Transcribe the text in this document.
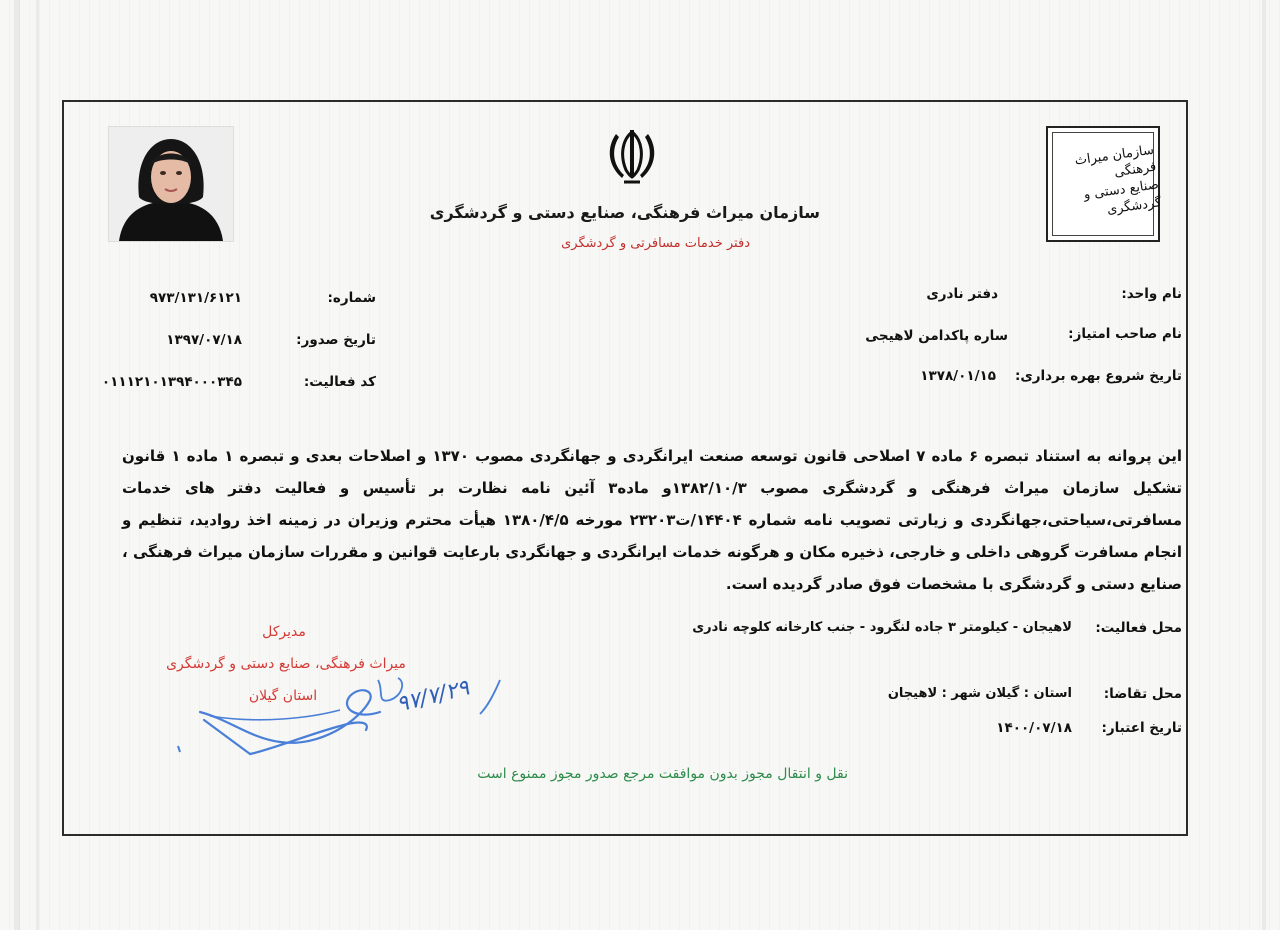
سازمان میراث فرهنگی، صنایع دستی و گردشگری
دفتر خدمات مسافرتی و گردشگری
سازمان میراث فرهنگی
صنایع دستی و گردشگری
نام واحد:
دفتر نادری
نام صاحب امتیاز:
ساره پاکدامن لاهیجی
تاریخ شروع بهره برداری:
۱۳۷۸/۰۱/۱۵
شماره:
۹۷۳/۱۳۱/۶۱۲۱
تاریخ صدور:
۱۳۹۷/۰۷/۱۸
کد فعالیت:
۰۱۱۱۲۱۰۱۳۹۴۰۰۰۳۴۵
این پروانه به استناد تبصره ۶ ماده ۷ اصلاحی قانون توسعه صنعت ایرانگردی و جهانگردی مصوب ۱۳۷۰ و اصلاحات بعدی و تبصره ۱ ماده ۱ قانون تشکیل سازمان میراث فرهنگی و گردشگری مصوب ۱۳۸۲/۱۰/۳و ماده۳ آئین نامه نظارت بر تأسیس و فعالیت دفتر های خدمات مسافرتی،سیاحتی،جهانگردی و زیارتی تصویب نامه شماره ۱۴۴۰۴/ت۲۳۲۰۳ مورخه ۱۳۸۰/۴/۵ هیأت محترم وزیران در زمینه اخذ روادید، تنظیم و انجام مسافرت گروهی داخلی و خارجی، ذخیره مکان و هرگونه خدمات ایرانگردی و جهانگردی بارعایت قوانین و مقررات سازمان میراث فرهنگی ، صنایع دستی و گردشگری با مشخصات فوق صادر گردیده است.
محل فعالیت:
لاهیجان - کیلومتر ۳ جاده لنگرود - جنب کارخانه کلوچه نادری
محل تقاضا:
استان : گیلان شهر : لاهیجان
تاریخ اعتبار:
۱۴۰۰/۰۷/۱۸
نقل و انتقال مجوز بدون موافقت مرجع صدور مجوز ممنوع است
مدیرکل
میراث فرهنگی، صنایع دستی و گردشگری
استان گیلان	۹۷/۷/۲۹
